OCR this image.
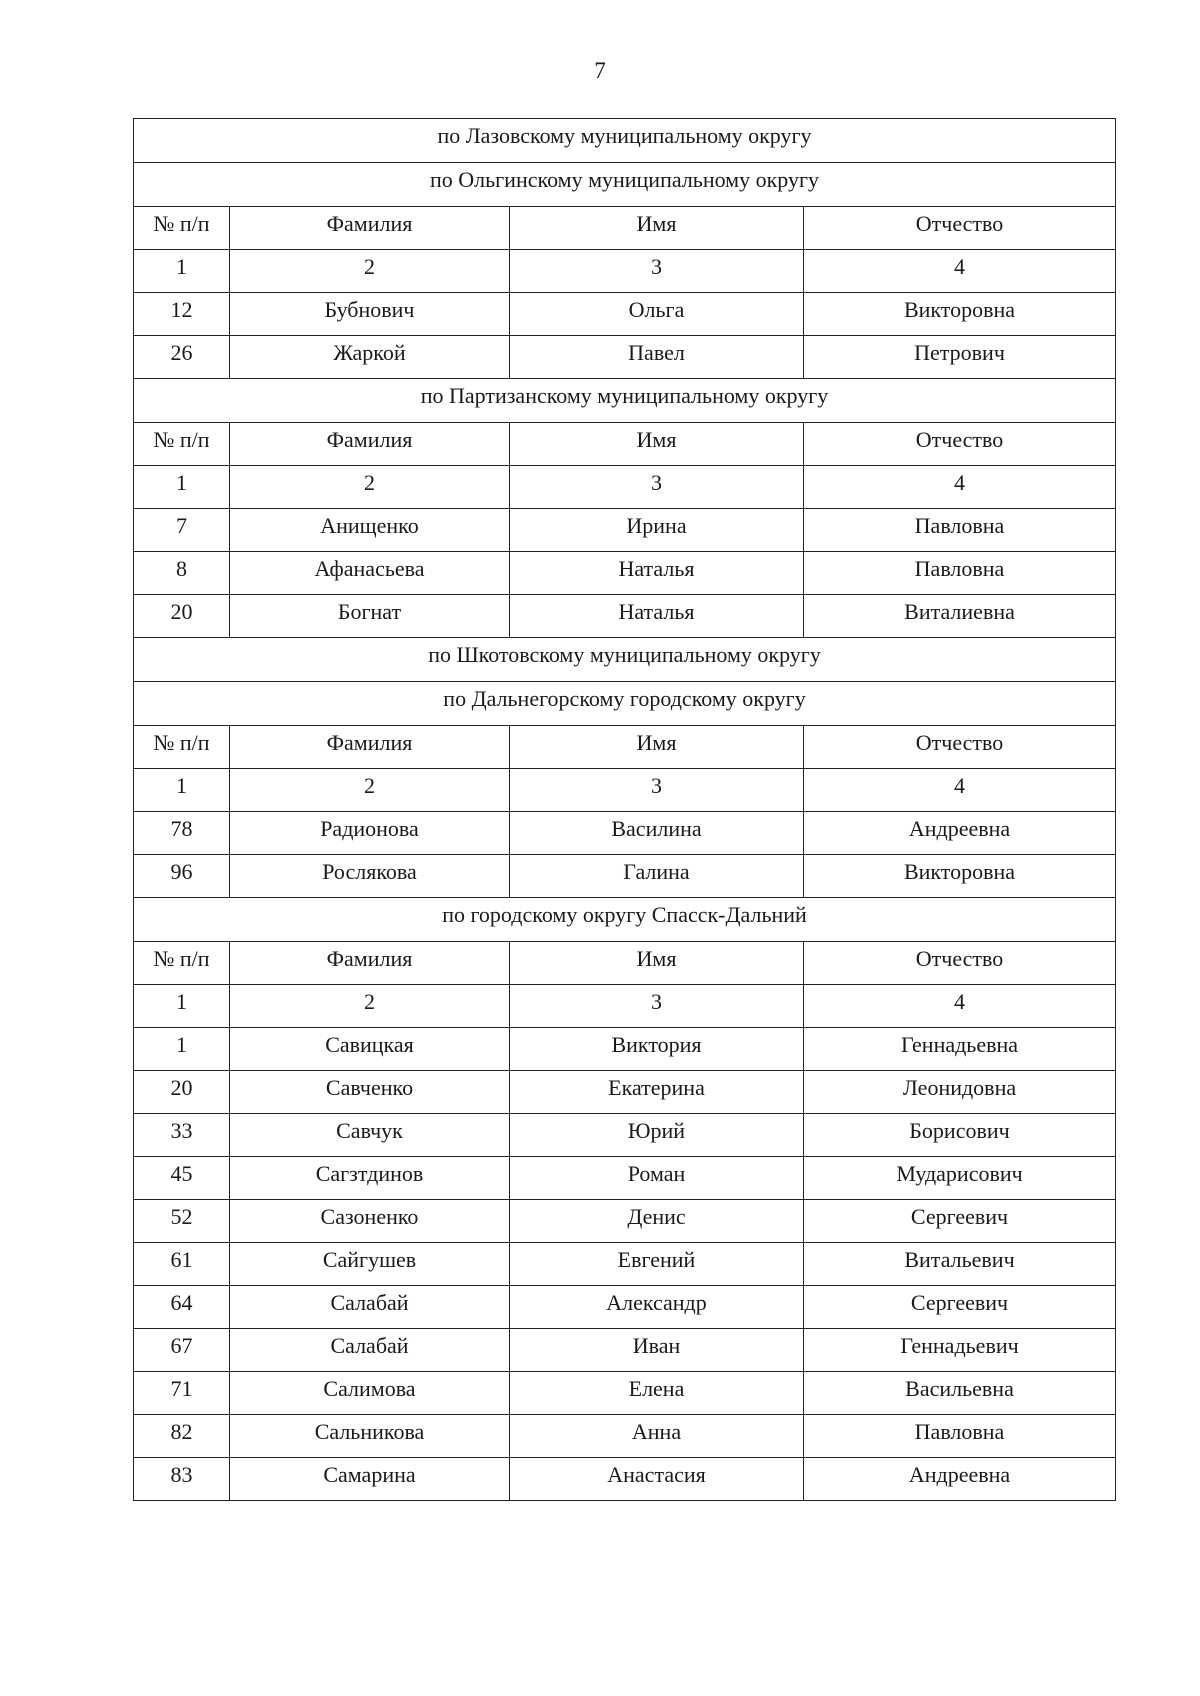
7
по Лазовскому муниципальному округу			
по Ольгинскому муниципальному округу			
№ п/п	Фамилия	Имя	Отчество
1	2	3	4
12	Бубнович	Ольга	Викторовна
26	Жаркой	Павел	Петрович
по Партизанскому муниципальному округу			
№ п/п	Фамилия	Имя	Отчество
1	2	3	4
7	Анищенко	Ирина	Павловна
8	Афанасьева	Наталья	Павловна
20	Богнат	Наталья	Виталиевна
по Шкотовскому муниципальному округу			
по Дальнегорскому городскому округу			
№ п/п	Фамилия	Имя	Отчество
1	2	3	4
78	Радионова	Василина	Андреевна
96	Рослякова	Галина	Викторовна
по городскому округу Спасск-Дальний			
№ п/п	Фамилия	Имя	Отчество
1	2	3	4
1	Савицкая	Виктория	Геннадьевна
20	Савченко	Екатерина	Леонидовна
33	Савчук	Юрий	Борисович
45	Сагзтдинов	Роман	Мударисович
52	Сазоненко	Денис	Сергеевич
61	Сайгушев	Евгений	Витальевич
64	Салабай	Александр	Сергеевич
67	Салабай	Иван	Геннадьевич
71	Салимова	Елена	Васильевна
82	Сальникова	Анна	Павловна
83	Самарина	Анастасия	Андреевна
